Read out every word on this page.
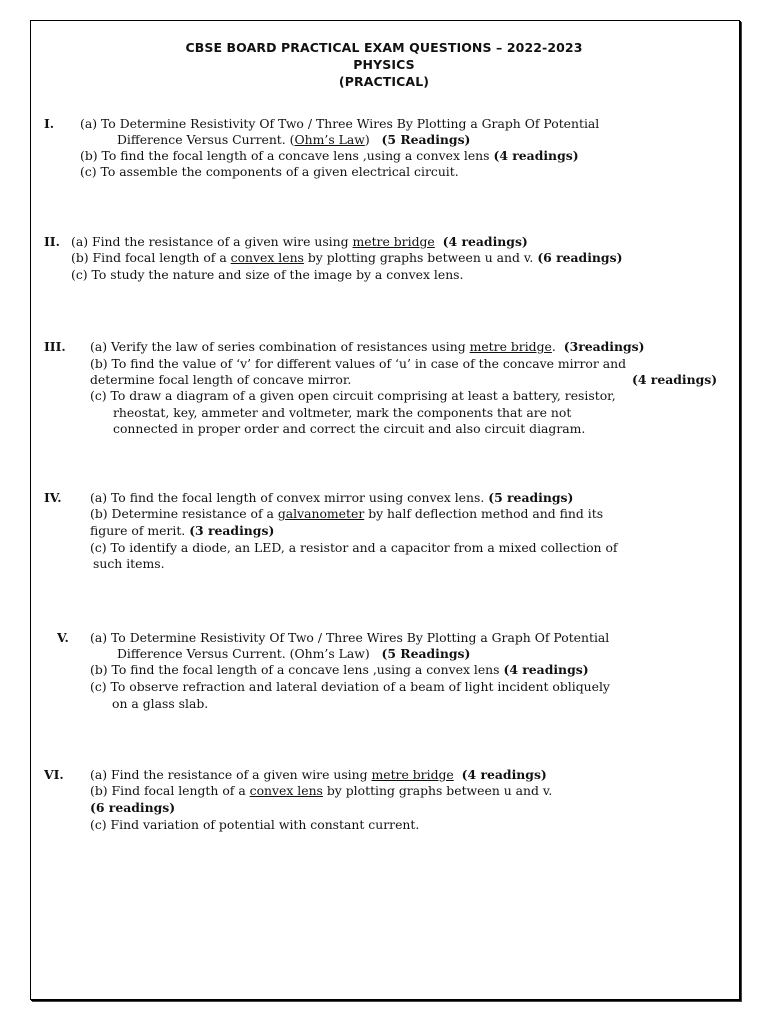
CBSE BOARD PRACTICAL EXAM QUESTIONS – 2022-2023
PHYSICS
(PRACTICAL)
I. (a) To Determine Resistivity Of Two / Three Wires By Plotting a Graph Of Potential
Difference Versus Current. (Ohm’s Law) (5 Readings)
(b) To find the focal length of a concave lens ,using a convex lens (4 readings)
(c) To assemble the components of a given electrical circuit.
II. (a) Find the resistance of a given wire using metre bridge (4 readings)
(b) Find focal length of a convex lens by plotting graphs between u and v. (6 readings)
(c) To study the nature and size of the image by a convex lens.
III. (a) Verify the law of series combination of resistances using metre bridge. (3readings)
(b) To find the value of ‘v’ for different values of ‘u’ in case of the concave mirror and
determine focal length of concave mirror.	(4 readings)
(c) To draw a diagram of a given open circuit comprising at least a battery, resistor,
rheostat, key, ammeter and voltmeter, mark the components that are not
connected in proper order and correct the circuit and also circuit diagram.
IV. (a) To find the focal length of convex mirror using convex lens. (5 readings)
(b) Determine resistance of a galvanometer by half deflection method and find its
figure of merit. (3 readings)
(c) To identify a diode, an LED, a resistor and a capacitor from a mixed collection of
such items.
V. (a) To Determine Resistivity Of Two / Three Wires By Plotting a Graph Of Potential
Difference Versus Current. (Ohm’s Law) (5 Readings)
(b) To find the focal length of a concave lens ,using a convex lens (4 readings)
(c) To observe refraction and lateral deviation of a beam of light incident obliquely
on a glass slab.
VI. (a) Find the resistance of a given wire using metre bridge (4 readings)
(b) Find focal length of a convex lens by plotting graphs between u and v.
(6 readings)
(c) Find variation of potential with constant current.
